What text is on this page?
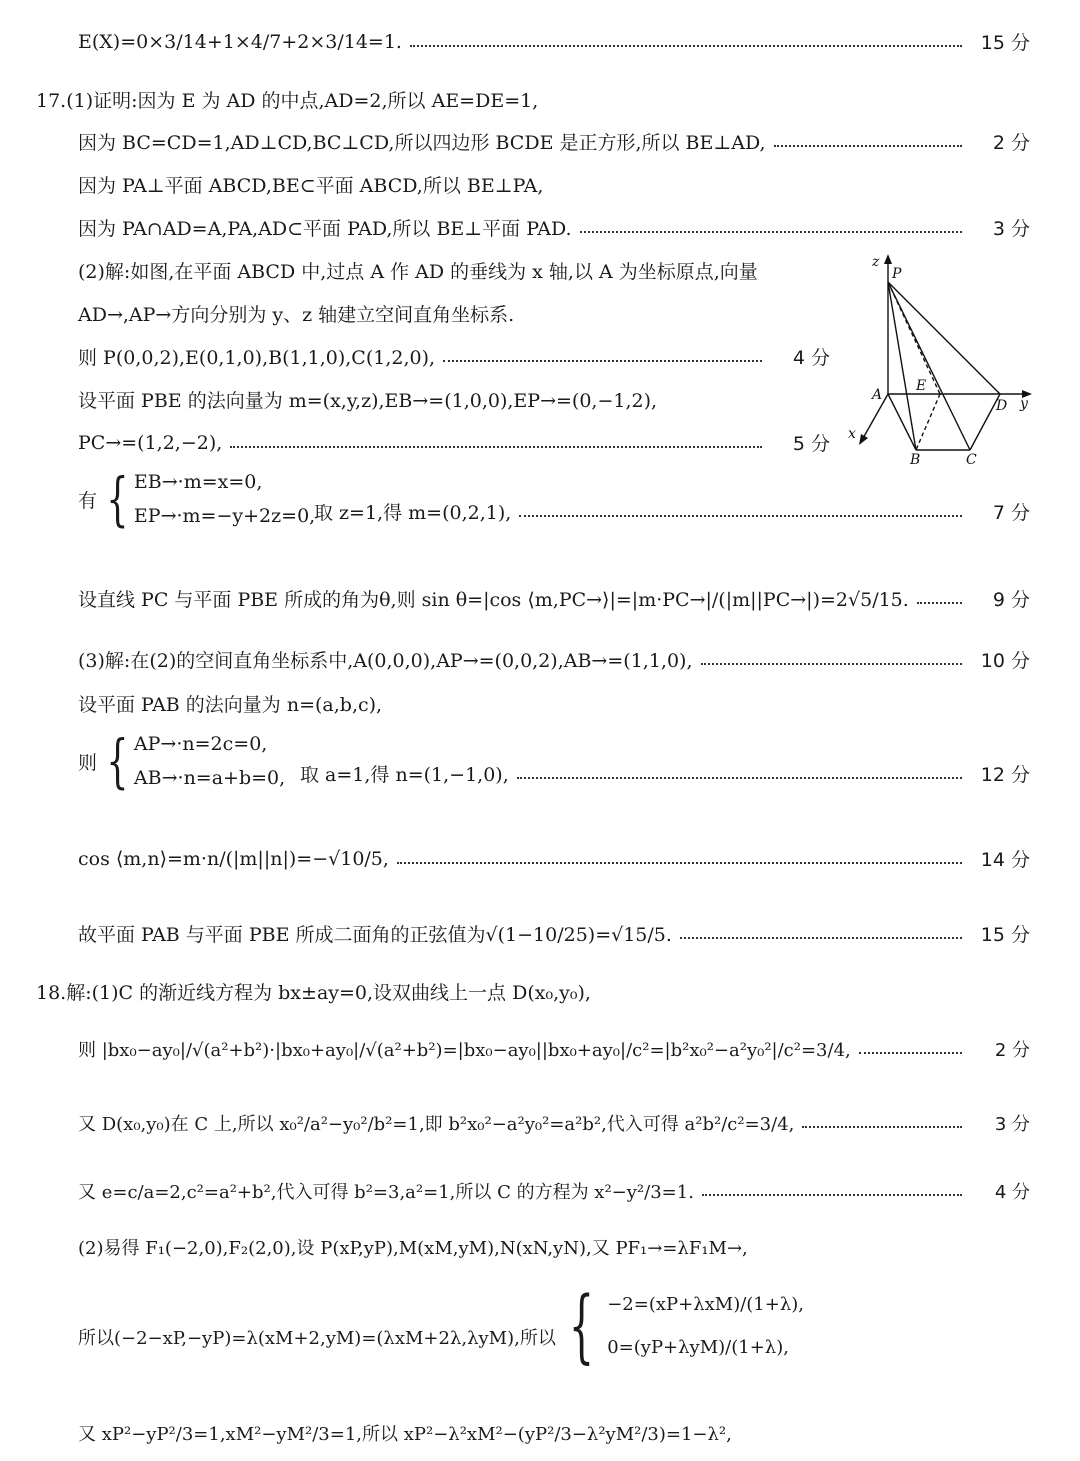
E(X)=0×3/14+1×4/7+2×3/14=1.	15 分
17.(1)证明:因为 E 为 AD 的中点,AD=2,所以 AE=DE=1,
因为 BC=CD=1,AD⊥CD,BC⊥CD,所以四边形 BCDE 是正方形,所以 BE⊥AD,	2 分
因为 PA⊥平面 ABCD,BE⊂平面 ABCD,所以 BE⊥PA,
因为 PA∩AD=A,PA,AD⊂平面 PAD,所以 BE⊥平面 PAD.	3 分
(2)解:如图,在平面 ABCD 中,过点 A 作 AD 的垂线为 x 轴,以 A 为坐标原点,向量
AD→,AP→方向分别为 y、z 轴建立空间直角坐标系.
则 P(0,0,2),E(0,1,0),B(1,1,0),C(1,2,0),	4 分
设平面 PBE 的法向量为 m=(x,y,z),EB→=(1,0,0),EP→=(0,−1,2),
PC→=(1,2,−2),	5 分
z
P
A
E
D y
x
B	C
有 { EB→·m=x=0,
EP→·m=−y+2z=0,
取 z=1,得 m=(0,2,1),	7 分
设直线 PC 与平面 PBE 所成的角为θ,则 sin θ=|cos ⟨m,PC→⟩|=|m·PC→|/(|m||PC→|)=2√5/15.	9 分
(3)解:在(2)的空间直角坐标系中,A(0,0,0),AP→=(0,0,2),AB→=(1,1,0),	10 分
设平面 PAB 的法向量为 n=(a,b,c),
则 { AP→·n=2c=0,
AB→·n=a+b=0, 取 a=1,得 n=(1,−1,0),	12 分
cos ⟨m,n⟩=m·n/(|m||n|)=−√10/5,	14 分
故平面 PAB 与平面 PBE 所成二面角的正弦值为√(1−10/25)=√15/5.	15 分
18.解:(1)C 的渐近线方程为 bx±ay=0,设双曲线上一点 D(x₀,y₀),
则 |bx₀−ay₀|/√(a²+b²)·|bx₀+ay₀|/√(a²+b²)=|bx₀−ay₀||bx₀+ay₀|/c²=|b²x₀²−a²y₀²|/c²=3/4,	2 分
又 D(x₀,y₀)在 C 上,所以 x₀²/a²−y₀²/b²=1,即 b²x₀²−a²y₀²=a²b²,代入可得 a²b²/c²=3/4,	3 分
又 e=c/a=2,c²=a²+b²,代入可得 b²=3,a²=1,所以 C 的方程为 x²−y²/3=1.	4 分
(2)易得 F₁(−2,0),F₂(2,0),设 P(xP,yP),M(xM,yM),N(xN,yN),又 PF₁→=λF₁M→,
所以(−2−xP,−yP)=λ(xM+2,yM)=(λxM+2λ,λyM),所以 { −2=(xP+λxM)/(1+λ),
0=(yP+λyM)/(1+λ),
又 xP²−yP²/3=1,xM²−yM²/3=1,所以 xP²−λ²xM²−(yP²/3−λ²yM²/3)=1−λ²,
